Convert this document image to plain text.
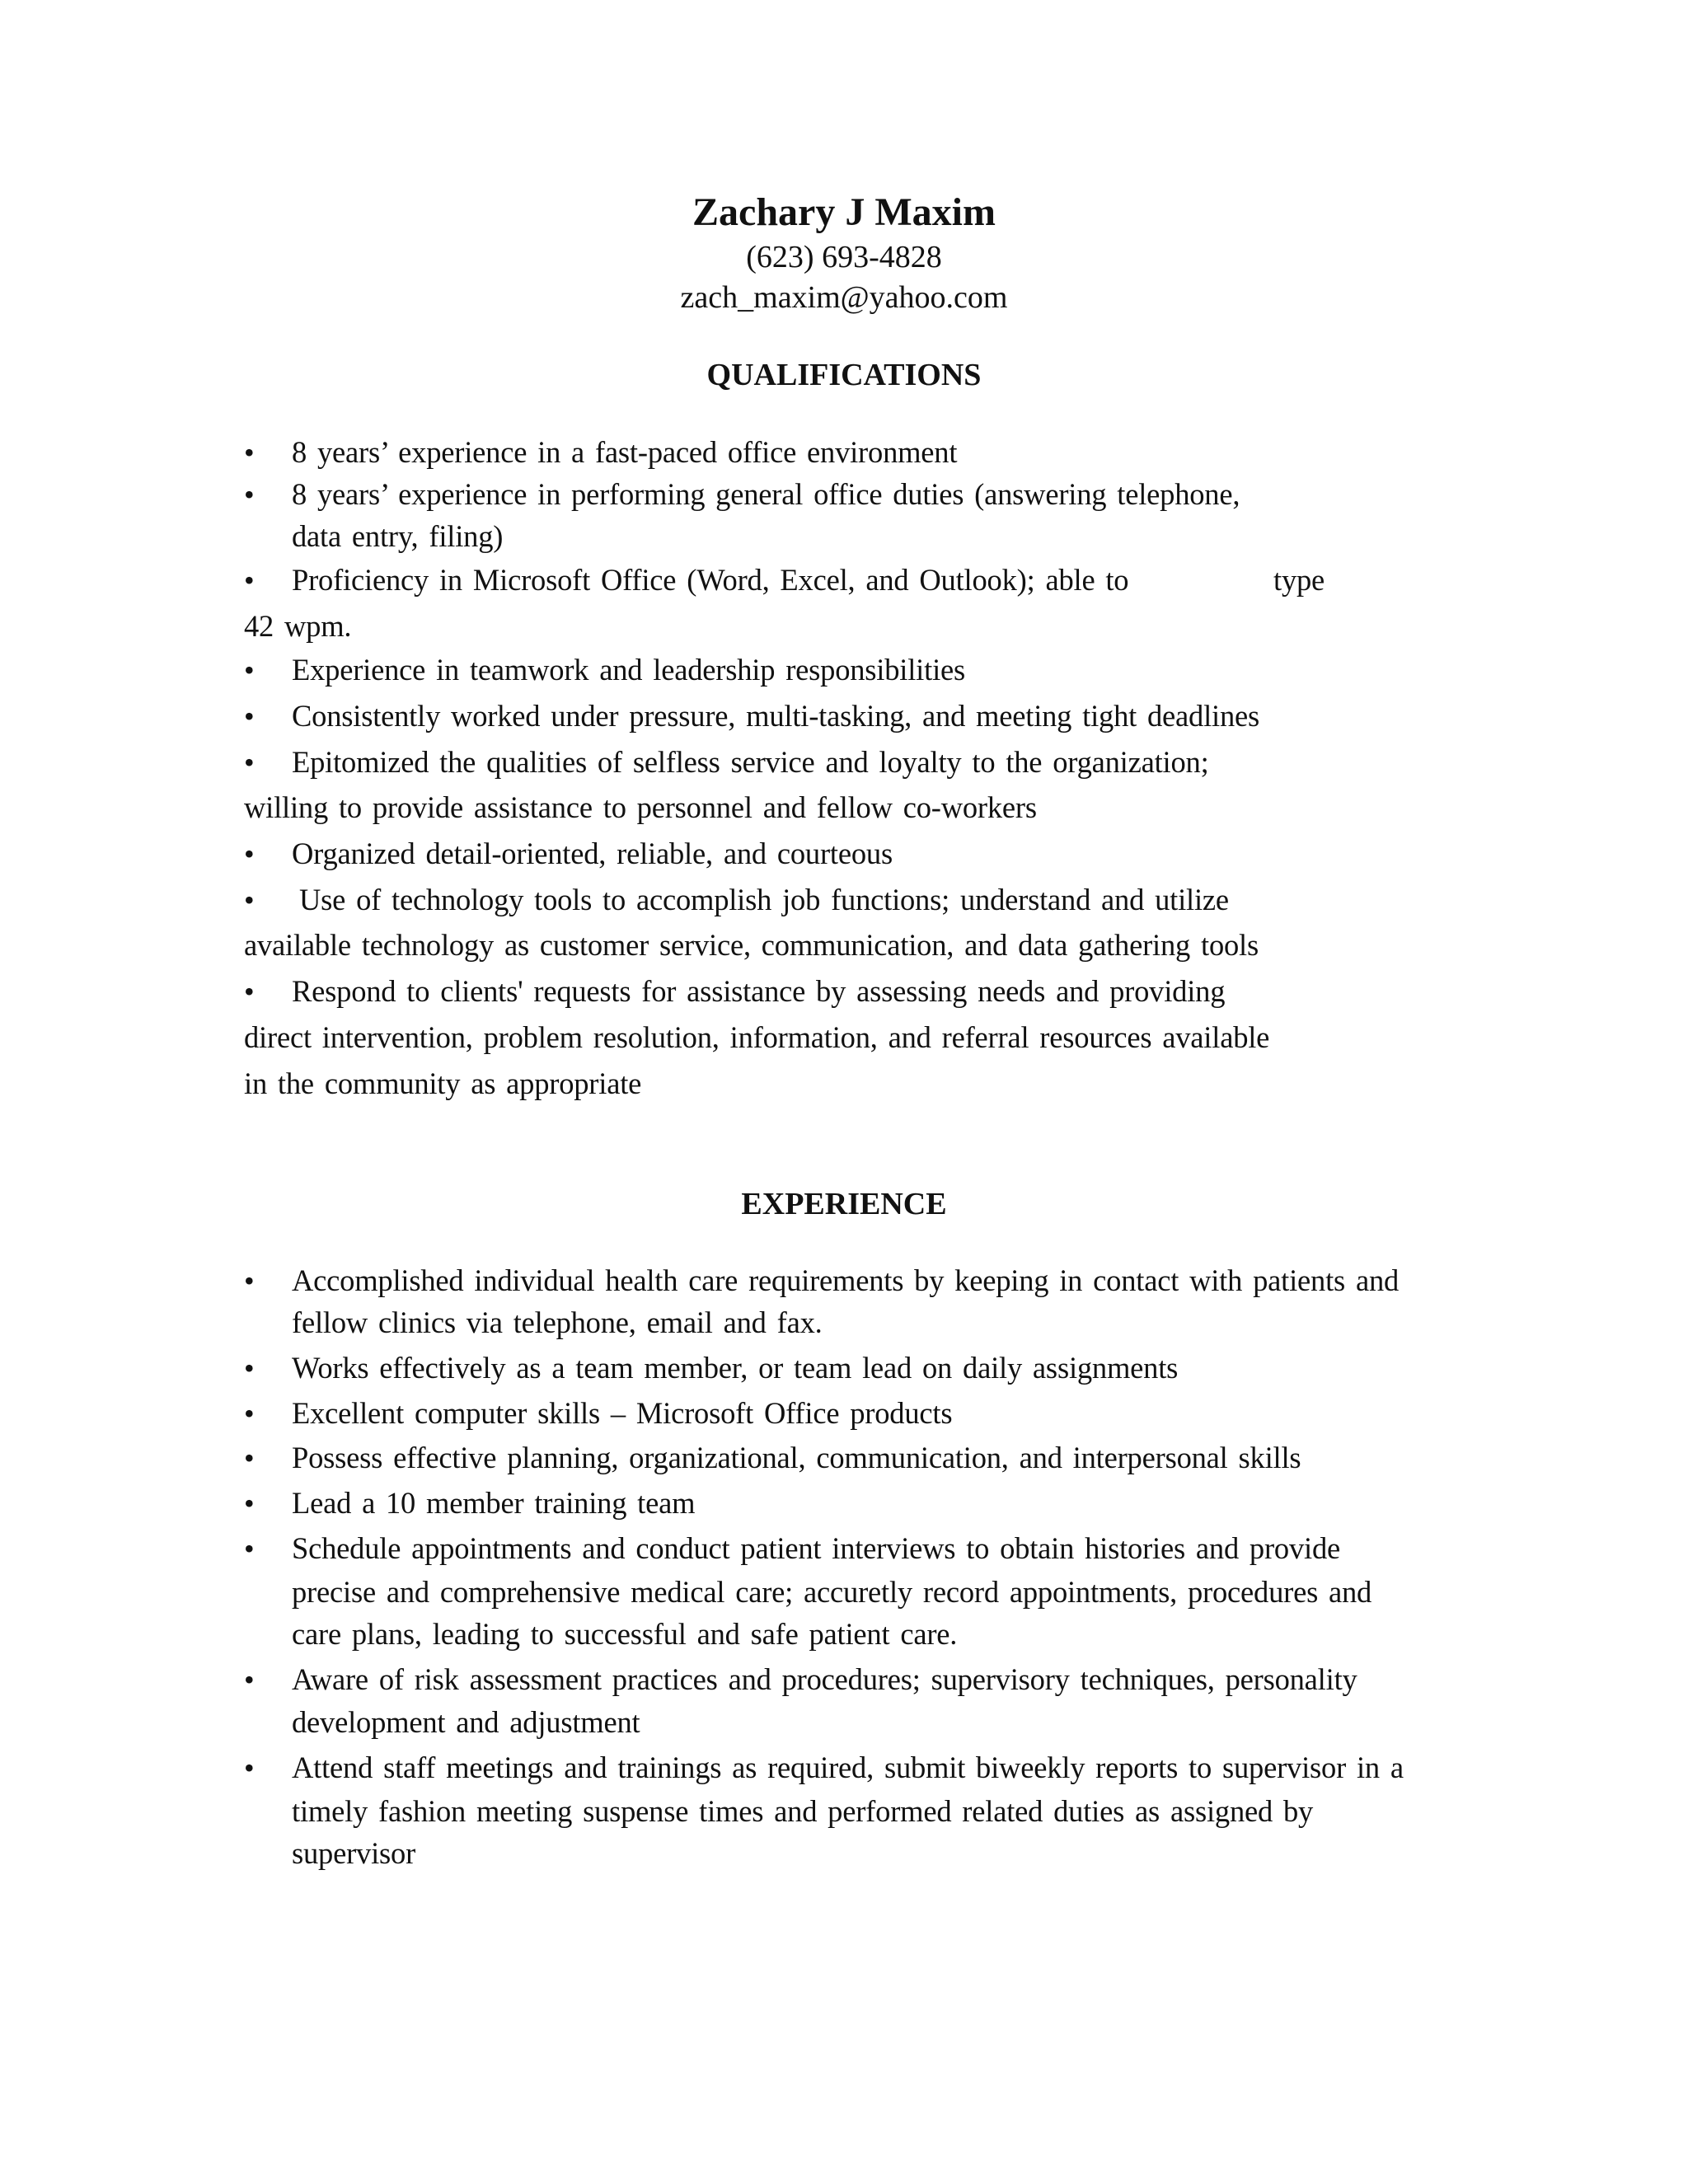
Zachary J Maxim
(623) 693-4828
zach_maxim@yahoo.com
QUALIFICATIONS
• 8 years’ experience in a fast-paced office environment
• 8 years’ experience in performing general office duties (answering telephone,
data entry, filing)
• Proficiency in Microsoft Office (Word, Excel, and Outlook); able to	type
42 wpm.
• Experience in teamwork and leadership responsibilities
• Consistently worked under pressure, multi-tasking, and meeting tight deadlines
• Epitomized the qualities of selfless service and loyalty to the organization;
willing to provide assistance to personnel and fellow co-workers
• Organized detail-oriented, reliable, and courteous
• Use of technology tools to accomplish job functions; understand and utilize
available technology as customer service, communication, and data gathering tools
• Respond to clients' requests for assistance by assessing needs and providing
direct intervention, problem resolution, information, and referral resources available
in the community as appropriate
EXPERIENCE
• Accomplished individual health care requirements by keeping in contact with patients and
fellow clinics via telephone, email and fax.
• Works effectively as a team member, or team lead on daily assignments
• Excellent computer skills – Microsoft Office products
• Possess effective planning, organizational, communication, and interpersonal skills
• Lead a 10 member training team
• Schedule appointments and conduct patient interviews to obtain histories and provide
precise and comprehensive medical care; accuretly record appointments, procedures and
care plans, leading to successful and safe patient care.
• Aware of risk assessment practices and procedures; supervisory techniques, personality
development and adjustment
• Attend staff meetings and trainings as required, submit biweekly reports to supervisor in a
timely fashion meeting suspense times and performed related duties as assigned by
supervisor
